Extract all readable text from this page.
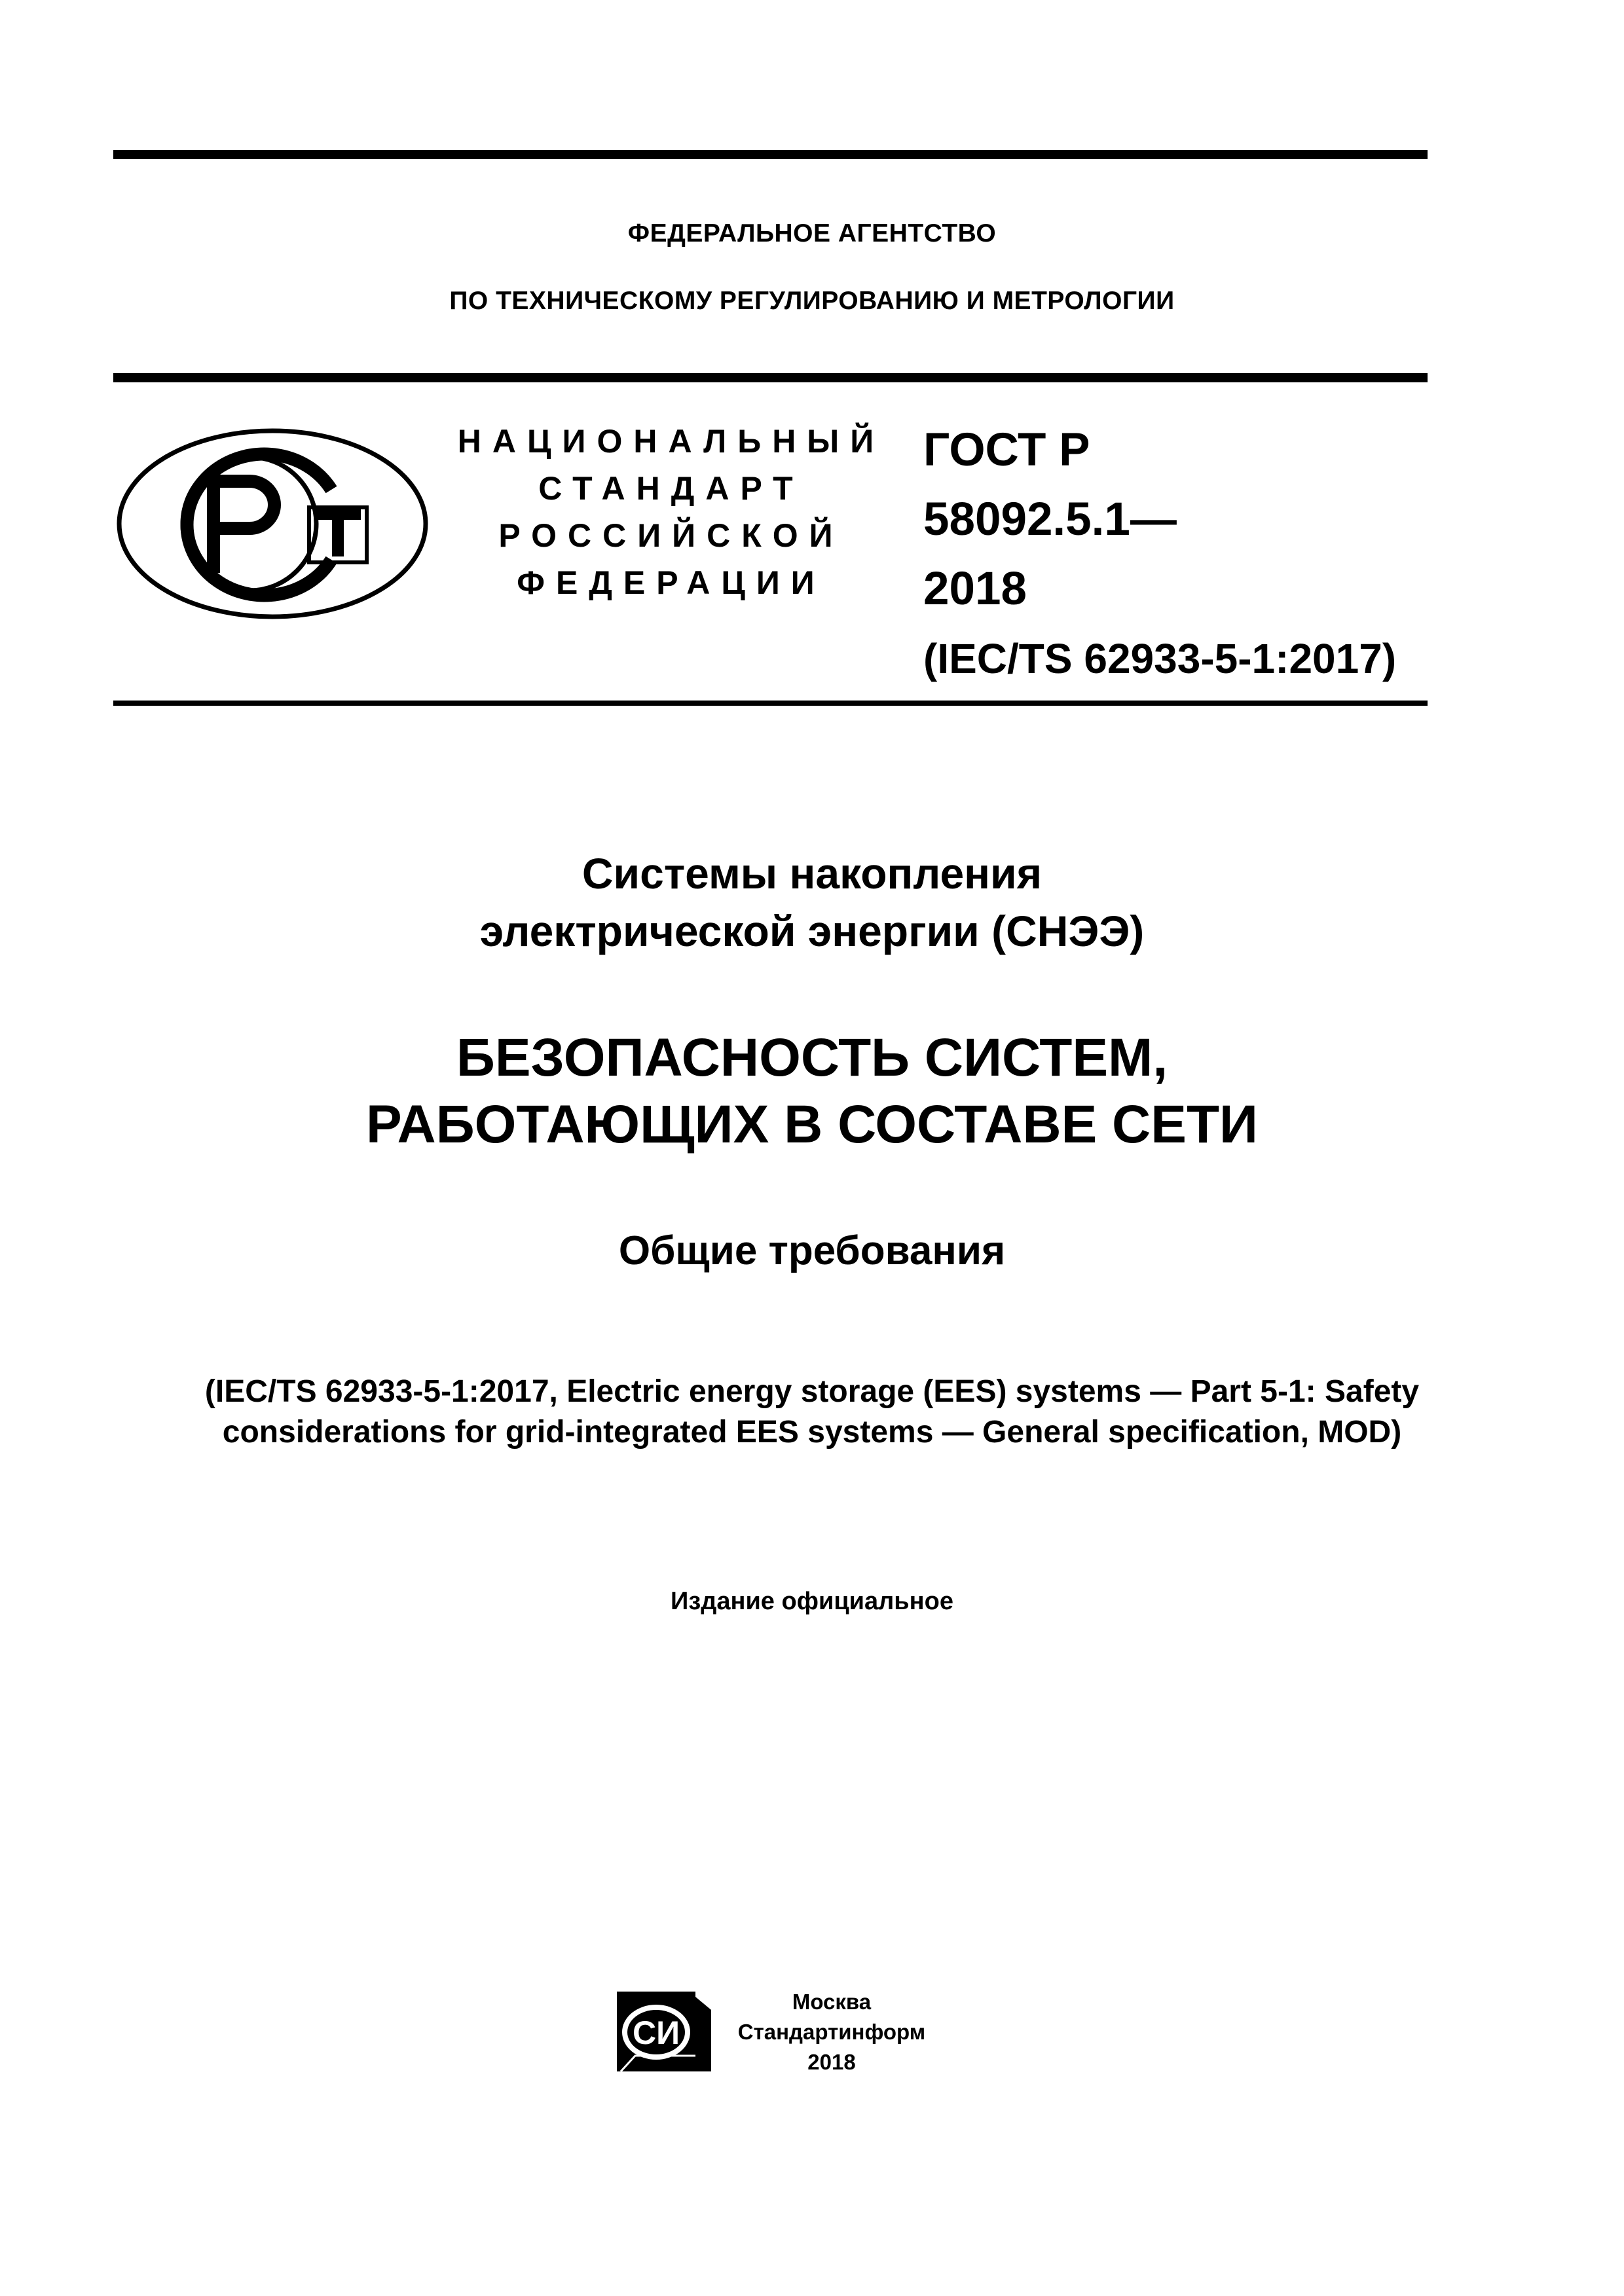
ФЕДЕРАЛЬНОЕ АГЕНТСТВО
ПО ТЕХНИЧЕСКОМУ РЕГУЛИРОВАНИЮ И МЕТРОЛОГИИ
НАЦИОНАЛЬНЫЙ
СТАНДАРТ
РОССИЙСКОЙ
ФЕДЕРАЦИИ
ГОСТ Р
58092.5.1—
2018
(IEC/TS 62933-5-1:2017)
Системы накопления
электрической энергии (СНЭЭ)
БЕЗОПАСНОСТЬ СИСТЕМ,
РАБОТАЮЩИХ В СОСТАВЕ СЕТИ
Общие требования
(IEC/TS 62933-5-1:2017, Electric energy storage (EES) systems — Part 5-1: Safety
considerations for grid-integrated EES systems — General specification, MOD)
Издание официальное
СИ
Москва
Стандартинформ
2018
